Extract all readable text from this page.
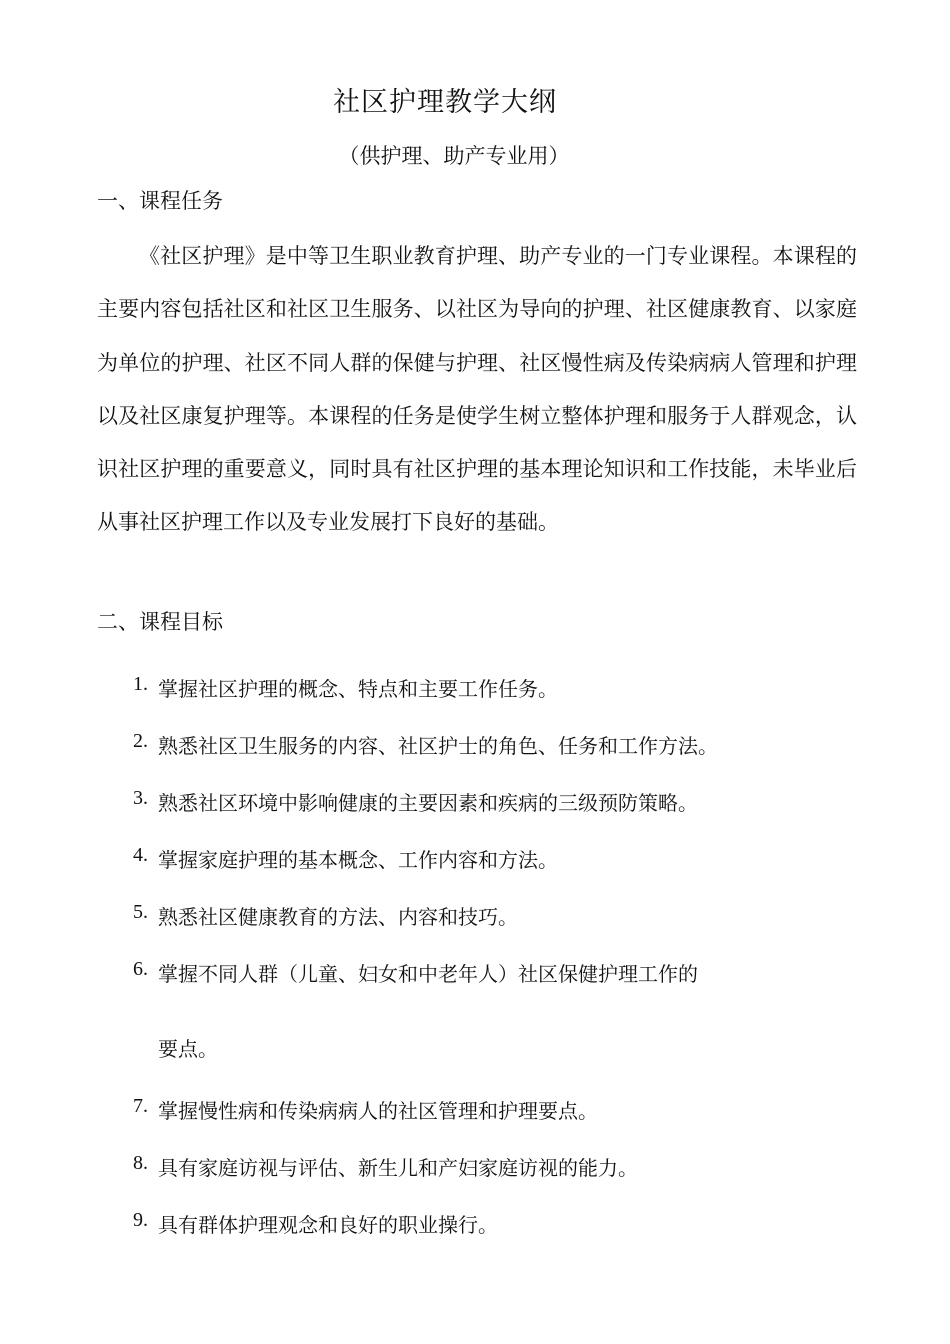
社区护理教学大纲
（供护理、助产专业用）
一、课程任务

《社区护理》是中等卫生职业教育护理、助产专业的一门专业课程。本课程的主要内容包括社区和社区卫生服务、以社区为导向的护理、社区健康教育、以家庭为单位的护理、社区不同人群的保健与护理、社区慢性病及传染病病人管理和护理以及社区康复护理等。本课程的任务是使学生树立整体护理和服务于人群观念，认识社区护理的重要意义，同时具有社区护理的基本理论知识和工作技能，未毕业后从事社区护理工作以及专业发展打下良好的基础。

二、课程目标
1. 掌握社区护理的概念、特点和主要工作任务。
2. 熟悉社区卫生服务的内容、社区护士的角色、任务和工作方法。
3. 熟悉社区环境中影响健康的主要因素和疾病的三级预防策略。
4. 掌握家庭护理的基本概念、工作内容和方法。
5. 熟悉社区健康教育的方法、内容和技巧。
6. 掌握不同人群（儿童、妇女和中老年人）社区保健护理工作的
要点。
7. 掌握慢性病和传染病病人的社区管理和护理要点。
8. 具有家庭访视与评估、新生儿和产妇家庭访视的能力。
9. 具有群体护理观念和良好的职业操行。
